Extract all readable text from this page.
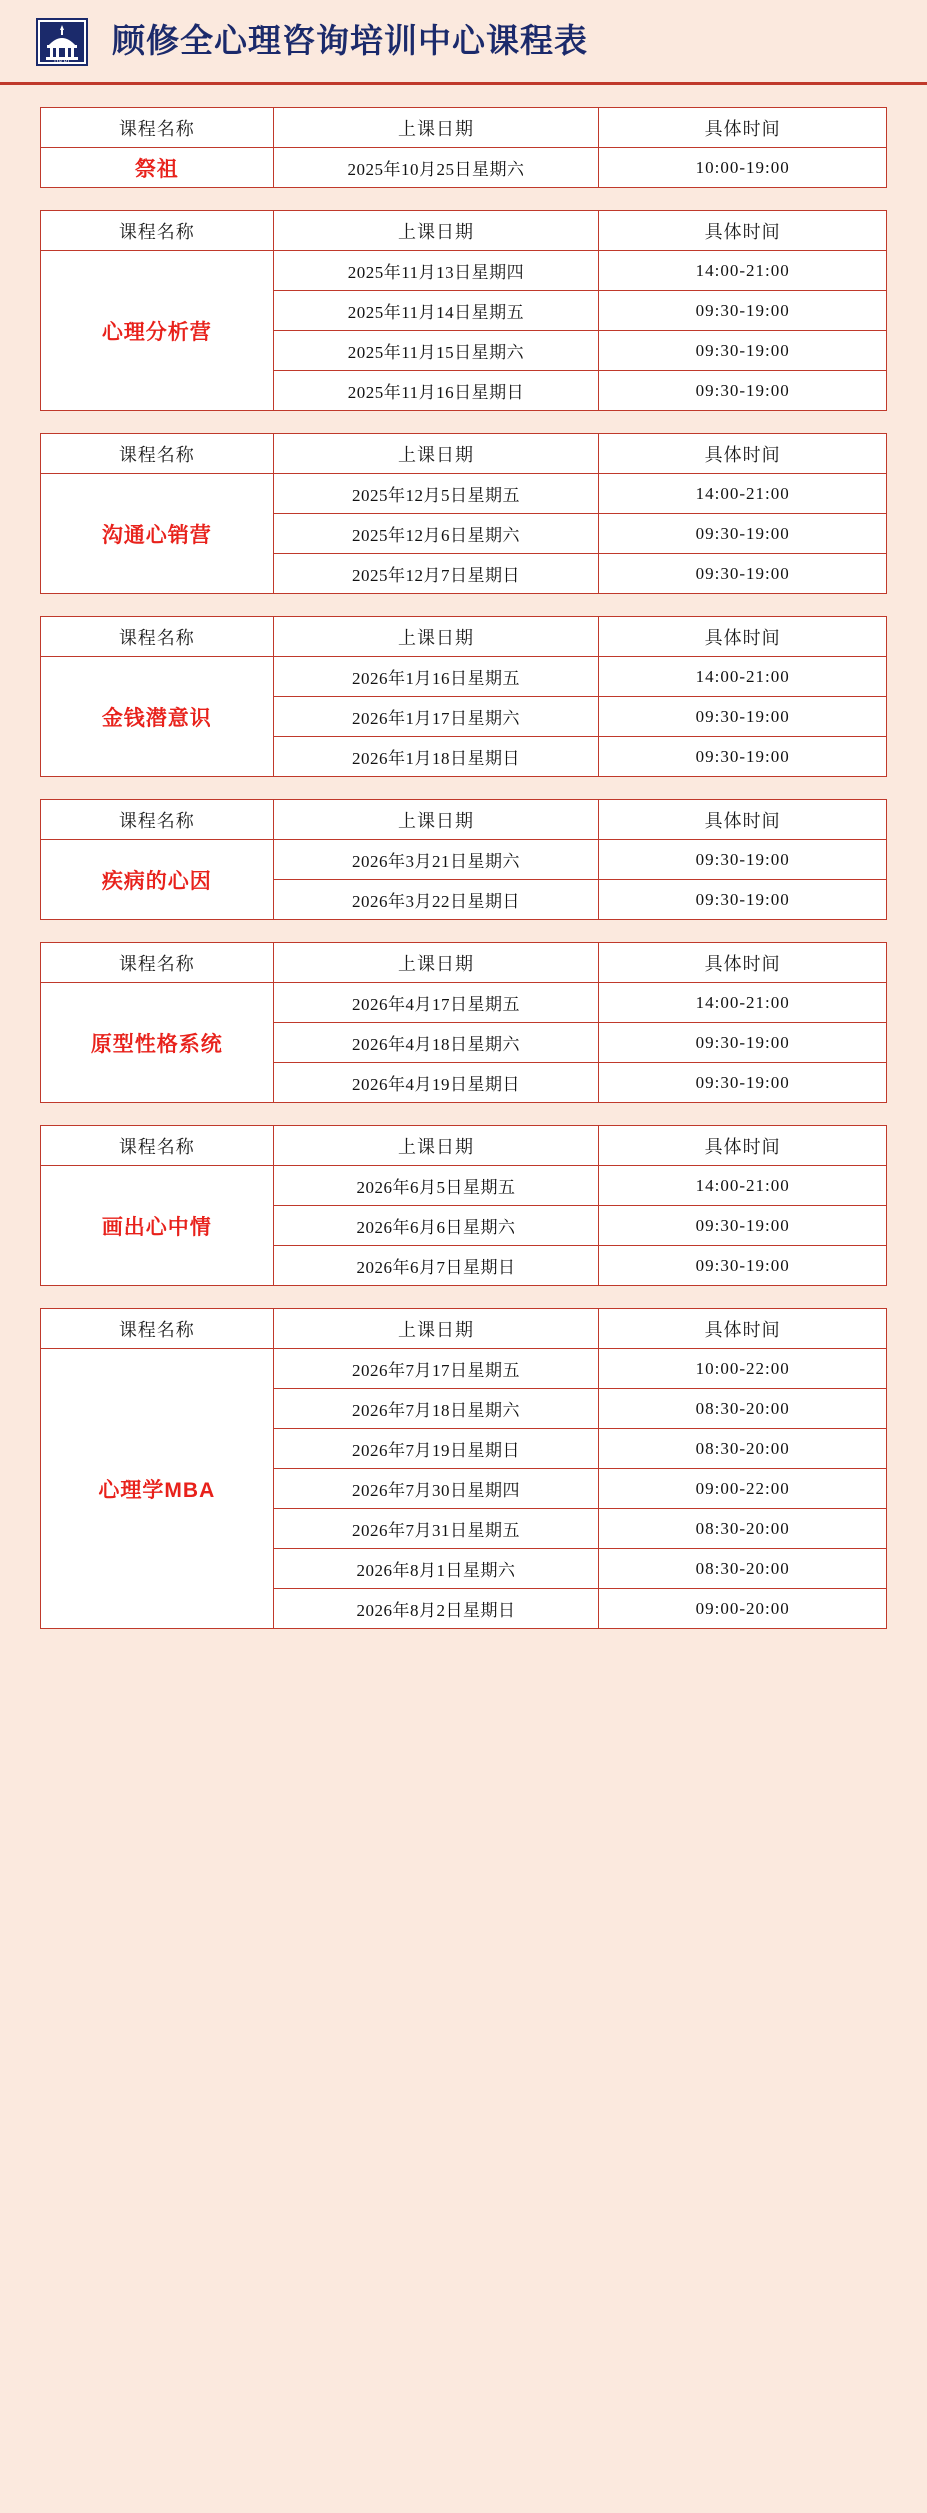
DKPI
顾修全心理咨询培训中心课程表
课程名称	上课日期	具体时间
祭祖	2025年10月25日星期六	10:00-19:00
课程名称	上课日期	具体时间
心理分析营	2025年11月13日星期四	14:00-21:00
	2025年11月14日星期五	09:30-19:00
	2025年11月15日星期六	09:30-19:00
	2025年11月16日星期日	09:30-19:00
课程名称	上课日期	具体时间
沟通心销营	2025年12月5日星期五	14:00-21:00
	2025年12月6日星期六	09:30-19:00
	2025年12月7日星期日	09:30-19:00
课程名称	上课日期	具体时间
金钱潜意识	2026年1月16日星期五	14:00-21:00
	2026年1月17日星期六	09:30-19:00
	2026年1月18日星期日	09:30-19:00
课程名称	上课日期	具体时间
疾病的心因	2026年3月21日星期六	09:30-19:00
	2026年3月22日星期日	09:30-19:00
课程名称	上课日期	具体时间
原型性格系统	2026年4月17日星期五	14:00-21:00
	2026年4月18日星期六	09:30-19:00
	2026年4月19日星期日	09:30-19:00
课程名称	上课日期	具体时间
画出心中情	2026年6月5日星期五	14:00-21:00
	2026年6月6日星期六	09:30-19:00
	2026年6月7日星期日	09:30-19:00
课程名称	上课日期	具体时间
心理学MBA	2026年7月17日星期五	10:00-22:00
	2026年7月18日星期六	08:30-20:00
	2026年7月19日星期日	08:30-20:00
	2026年7月30日星期四	09:00-22:00
	2026年7月31日星期五	08:30-20:00
	2026年8月1日星期六	08:30-20:00
	2026年8月2日星期日	09:00-20:00
